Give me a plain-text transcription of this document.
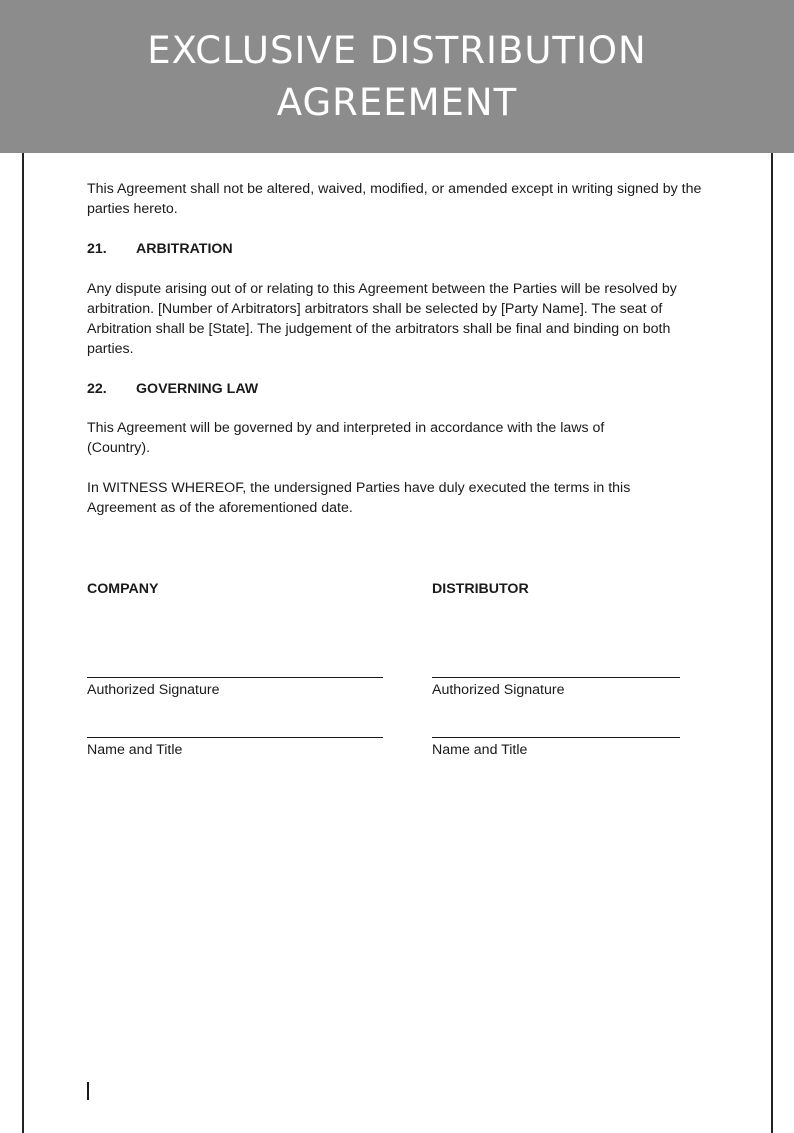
EXCLUSIVE DISTRIBUTION
AGREEMENT

This Agreement shall not be altered, waived, modified, or amended except in writing signed by the parties hereto.

21.	ARBITRATION

Any dispute arising out of or relating to this Agreement between the Parties will be resolved by arbitration. [Number of Arbitrators] arbitrators shall be selected by [Party Name]. The seat of Arbitration shall be [State]. The judgement of the arbitrators shall be final and binding on both parties.

22.	GOVERNING LAW

This Agreement will be governed by and interpreted in accordance with the laws of (Country).

In WITNESS WHEREOF, the undersigned Parties have duly executed the terms in this Agreement as of the aforementioned date.

COMPANY
Authorized Signature
Name and Title
DISTRIBUTOR
Authorized Signature
Name and Title
